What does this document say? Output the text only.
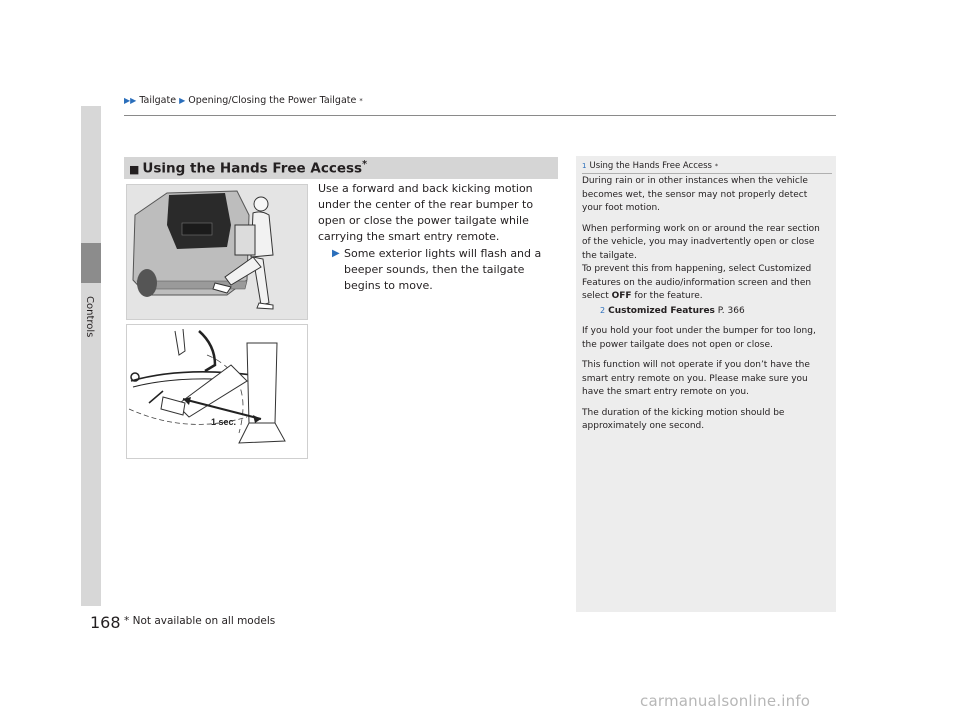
Controls
▶▶ Tailgate ▶ Opening/Closing the Power Tailgate *
■ Using the Hands Free Access*
1 sec.
Use a forward and back kicking motion under the center of the rear bumper to open or close the power tailgate while carrying the smart entry remote.
▶ Some exterior lights will flash and a beeper sounds, then the tailgate begins to move.
1 Using the Hands Free Access *

During rain or in other instances when the vehicle becomes wet, the sensor may not properly detect your foot motion.

When performing work on or around the rear section of the vehicle, you may inadvertently open or close the tailgate.
To prevent this from happening, select Customized Features on the audio/information screen and then select OFF for the feature.
2 Customized Features P. 366

If you hold your foot under the bumper for too long, the power tailgate does not open or close.

This function will not operate if you don’t have the smart entry remote on you. Please make sure you have the smart entry remote on you.

The duration of the kicking motion should be approximately one second.

168 * Not available on all models
carmanualsonline.info
